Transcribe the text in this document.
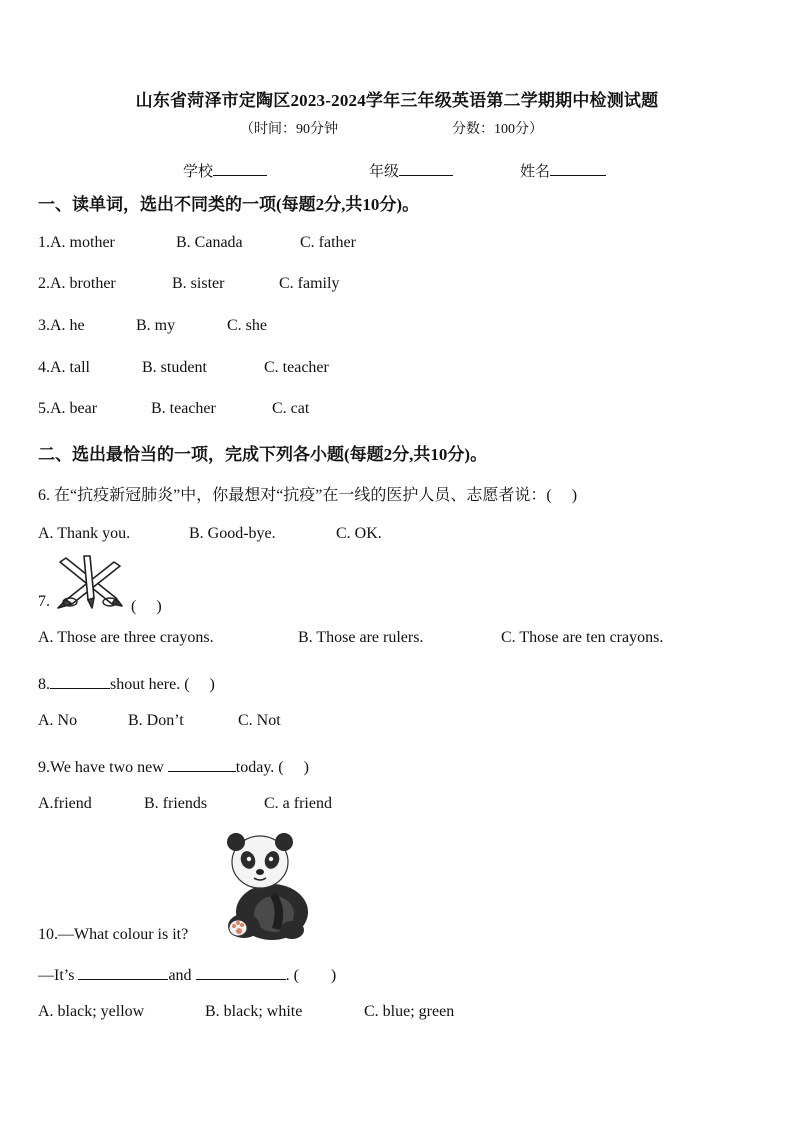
山东省菏泽市定陶区2023-2024学年三年级英语第二学期期中检测试题
（时间：90分钟	分数：100分）
学校	年级	姓名
一、读单词，选出不同类的一项(每题2分,共10分)。
1.A. mother	B. Canada	C. father
2.A. brother	B. sister	C. family
3.A. he	B. my	C. she
4.A. tall	B. student	C. teacher
5.A. bear	B. teacher	C. cat
二、选出最恰当的一项，完成下列各小题(每题2分,共10分)。
6. 在“抗疫新冠肺炎”中，你最想对“抗疫”在一线的医护人员、志愿者说：(　 )
A. Thank you.	B. Good-bye.	C. OK.
7.	(　 )
A. Those are three crayons.	B. Those are rulers.	C. Those are ten crayons.
8.	shout here. (　 )
A. No	B. Don’t	C. Not
9.We have two new	today. (　 )
A.friend	B. friends	C. a friend
10.—What colour is it?
—It’s	and	. (　　)
A. black; yellow	B. black; white	C. blue; green
